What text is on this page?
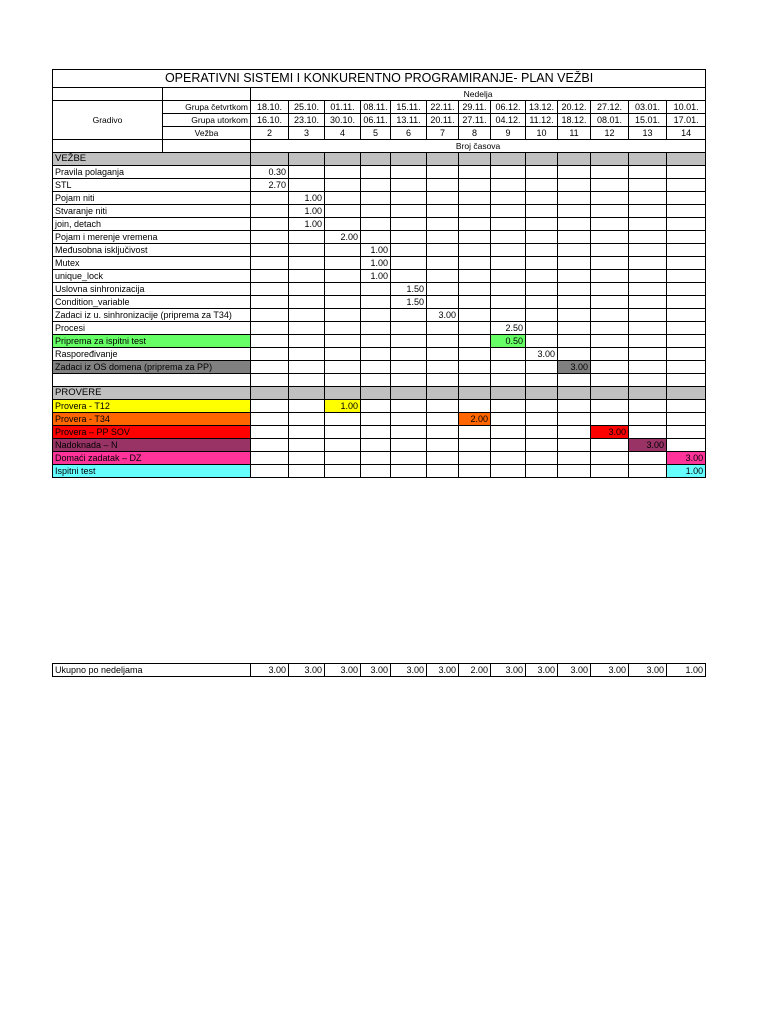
OPERATIVNI SISTEMI I KONKURENTNO PROGRAMIRANJE- PLAN VEŽBI														
		Nedelja												
Gradivo	Grupa četvrtkom	18.10.	25.10.	01.11.	08.11.	15.11.	22.11.	29.11.	06.12.	13.12.	20.12.	27.12.	03.01.	10.01.
	Grupa utorkom	16.10.	23.10.	30.10.	06.11.	13.11.	20.11.	27.11.	04.12.	11.12.	18.12.	08.01.	15.01.	17.01.
	Vežba	2	3	4	5	6	7	8	9	10	11	12	13	14
		Broj časova												
VEŽBE														
Pravila polaganja		0.30												
STL		2.70												
Pojam niti			1.00											
Stvaranje niti			1.00											
join, detach			1.00											
Pojam i merenje vremena				2.00										
Međusobna isključivost					1.00									
Mutex					1.00									
unique_lock					1.00									
Uslovna sinhronizacija						1.50								
Condition_variable						1.50								
Zadaci iz u. sinhronizacije (priprema za T34)							3.00							
Procesi									2.50					
Priprema za ispitni test									0.50					
Raspoređivanje										3.00				
Zadaci iz OS domena (priprema za PP)											3.00			

PROVERE														
Provera - T12				1.00										
Provera - T34								2.00						
Provera – PP SOV												3.00		
Nadoknada – N													3.00	
Domaći zadatak – DZ														3.00
Ispitni test														1.00
Ukupno po nedeljama	3.00	3.00	3.00	3.00	3.00	3.00	2.00	3.00	3.00	3.00	3.00	3.00	1.00
